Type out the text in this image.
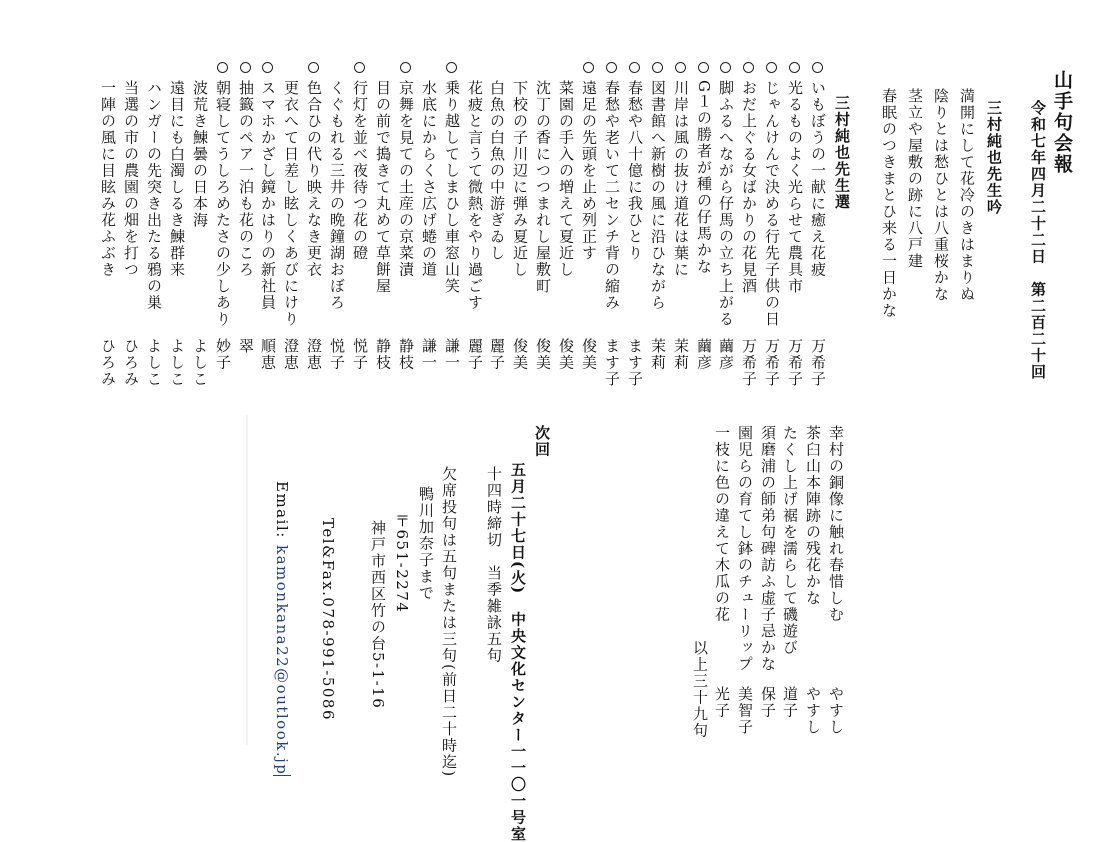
山手句会報
令和七年四月二十二日　第二百二十回
三村純也先生吟
満開にして花冷のきはまりぬ
陰りとは愁ひとは八重桜かな
茎立や屋敷の跡に八戸建
春眠のつきまとひ来る一日かな
三村純也先生選
いもぼうの一献に癒え花疲
万希子
光るものよく光らせて農具市
万希子
じゃんけんで決める行先子供の日
万希子
おだ上ぐる女ばかりの花見酒
万希子
脚ふるへながら仔馬の立ち上がる
繭彦
G１の勝者が種の仔馬かな
繭彦
川岸は風の抜け道花は葉に
茉莉
図書館へ新樹の風に沿ひながら
茉莉
春愁や八十億に我ひとり
ます子
春愁や老いて二センチ背の縮み
ます子
遠足の先頭を止め列正す
俊美
菜園の手入の増えて夏近し
俊美
沈丁の香につつまれし屋敷町
俊美
下校の子川辺に弾み夏近し
俊美
白魚の白魚の中游ぎゐし
麗子
花疲と言うて微熱をやり過ごす
麗子
乗り越してしまひし車窓山笑
謙一
水底にからくさ広げ蜷の道
謙一
京舞を見ての土産の京菜漬
静枝
目の前で搗きて丸めて草餅屋
静枝
行灯を並べ夜待つ花の磴
悦子
くぐもれる三井の晩鐘湖おぼろ
悦子
色合ひの代り映えなき更衣
澄恵
更衣へて日差し眩しくあびにけり
澄恵
スマホかざし鏡かはりの新社員
順恵
抽籤のペア一泊も花のころ
翠
朝寝してうしろめたさの少しあり
妙子
波荒き鰊曇の日本海
よしこ
遠目にも白濁しるき鰊群来
よしこ
ハンガーの先突き出たる鴉の巣
よしこ
当選の市の農園の畑を打つ
ひろみ
一陣の風に目眩み花ふぶき
ひろみ
幸村の銅像に触れ春惜しむ
やすし
茶臼山本陣跡の残花かな
やすし
たくし上げ裾を濡らして磯遊び
道子
須磨浦の師弟句碑訪ふ虚子忌かな
保子
園児らの育てし鉢のチューリップ
美智子
一枝に色の違えて木瓜の花
光子
以上三十九句
次回
五月二十七日(火)　中央文化センター一一〇一号室
十四時締切　当季雑詠五句
欠席投句は五句または三句(前日二十時迄)
鴨川加奈子まで
〒651‐2274
神戸市西区竹の台5-1-16
Tel&Fax.078-991-5086
Email: kamonkana22@outlook.jp
